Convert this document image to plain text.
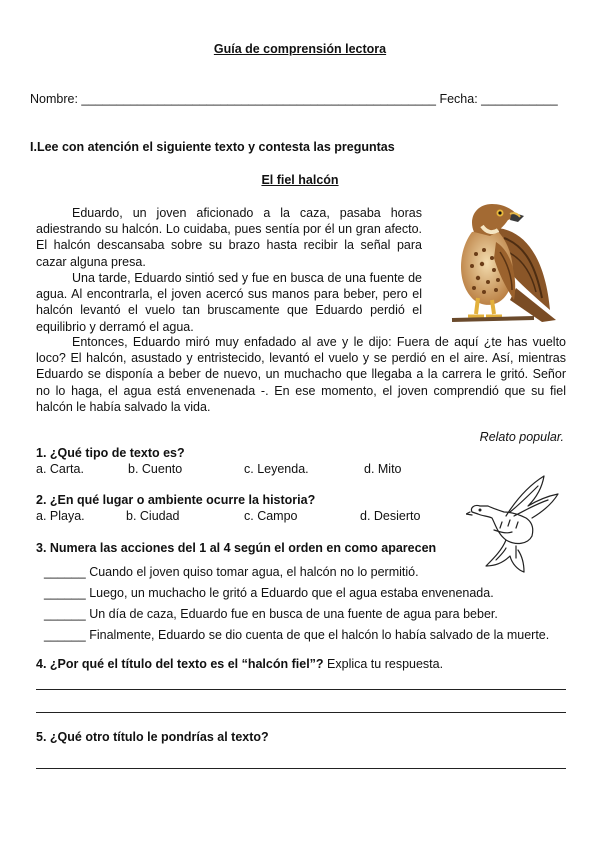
Guía de comprensión lectora
Nombre: ___________________________________________________ Fecha: ___________
I.Lee con atención el siguiente texto y contesta las preguntas
El fiel halcón
Eduardo, un joven aficionado a la caza, pasaba horas adiestrando su halcón. Lo cuidaba, pues sentía por él un gran afecto. El halcón descansaba sobre su brazo hasta recibir la señal para cazar alguna presa.
Una tarde, Eduardo sintió sed y fue en busca de una fuente de agua. Al encontrarla, el joven acercó sus manos para beber, pero el halcón levantó el vuelo tan bruscamente que Eduardo perdió el equilibrio y derramó el agua.
Entonces, Eduardo miró muy enfadado al ave y le dijo: Fuera de aquí ¿te has vuelto loco? El halcón, asustado y entristecido, levantó el vuelo y se perdió en el aire. Así, mientras Eduardo se disponía a beber de nuevo, un muchacho que llegaba a la carrera le gritó. Señor no lo haga, el agua está envenenada -. En ese momento, el joven comprendió que su fiel halcón le había salvado la vida.
Relato popular.
1. ¿Qué tipo de texto es?
a. Carta.	b. Cuento	c. Leyenda.	d. Mito
2. ¿En qué lugar o ambiente ocurre la historia?
a. Playa.	b. Ciudad	c. Campo	d. Desierto
3. Numera las acciones del 1 al 4 según el orden en como aparecen
______ Cuando el joven quiso tomar agua, el halcón no lo permitió.
______ Luego, un muchacho le gritó a Eduardo que el agua estaba envenenada.
______ Un día de caza, Eduardo fue en busca de una fuente de agua para beber.
______ Finalmente, Eduardo se dio cuenta de que el halcón lo había salvado de la muerte.
4. ¿Por qué el título del texto es el “halcón fiel”? Explica tu respuesta.
5. ¿Qué otro título le pondrías al texto?
